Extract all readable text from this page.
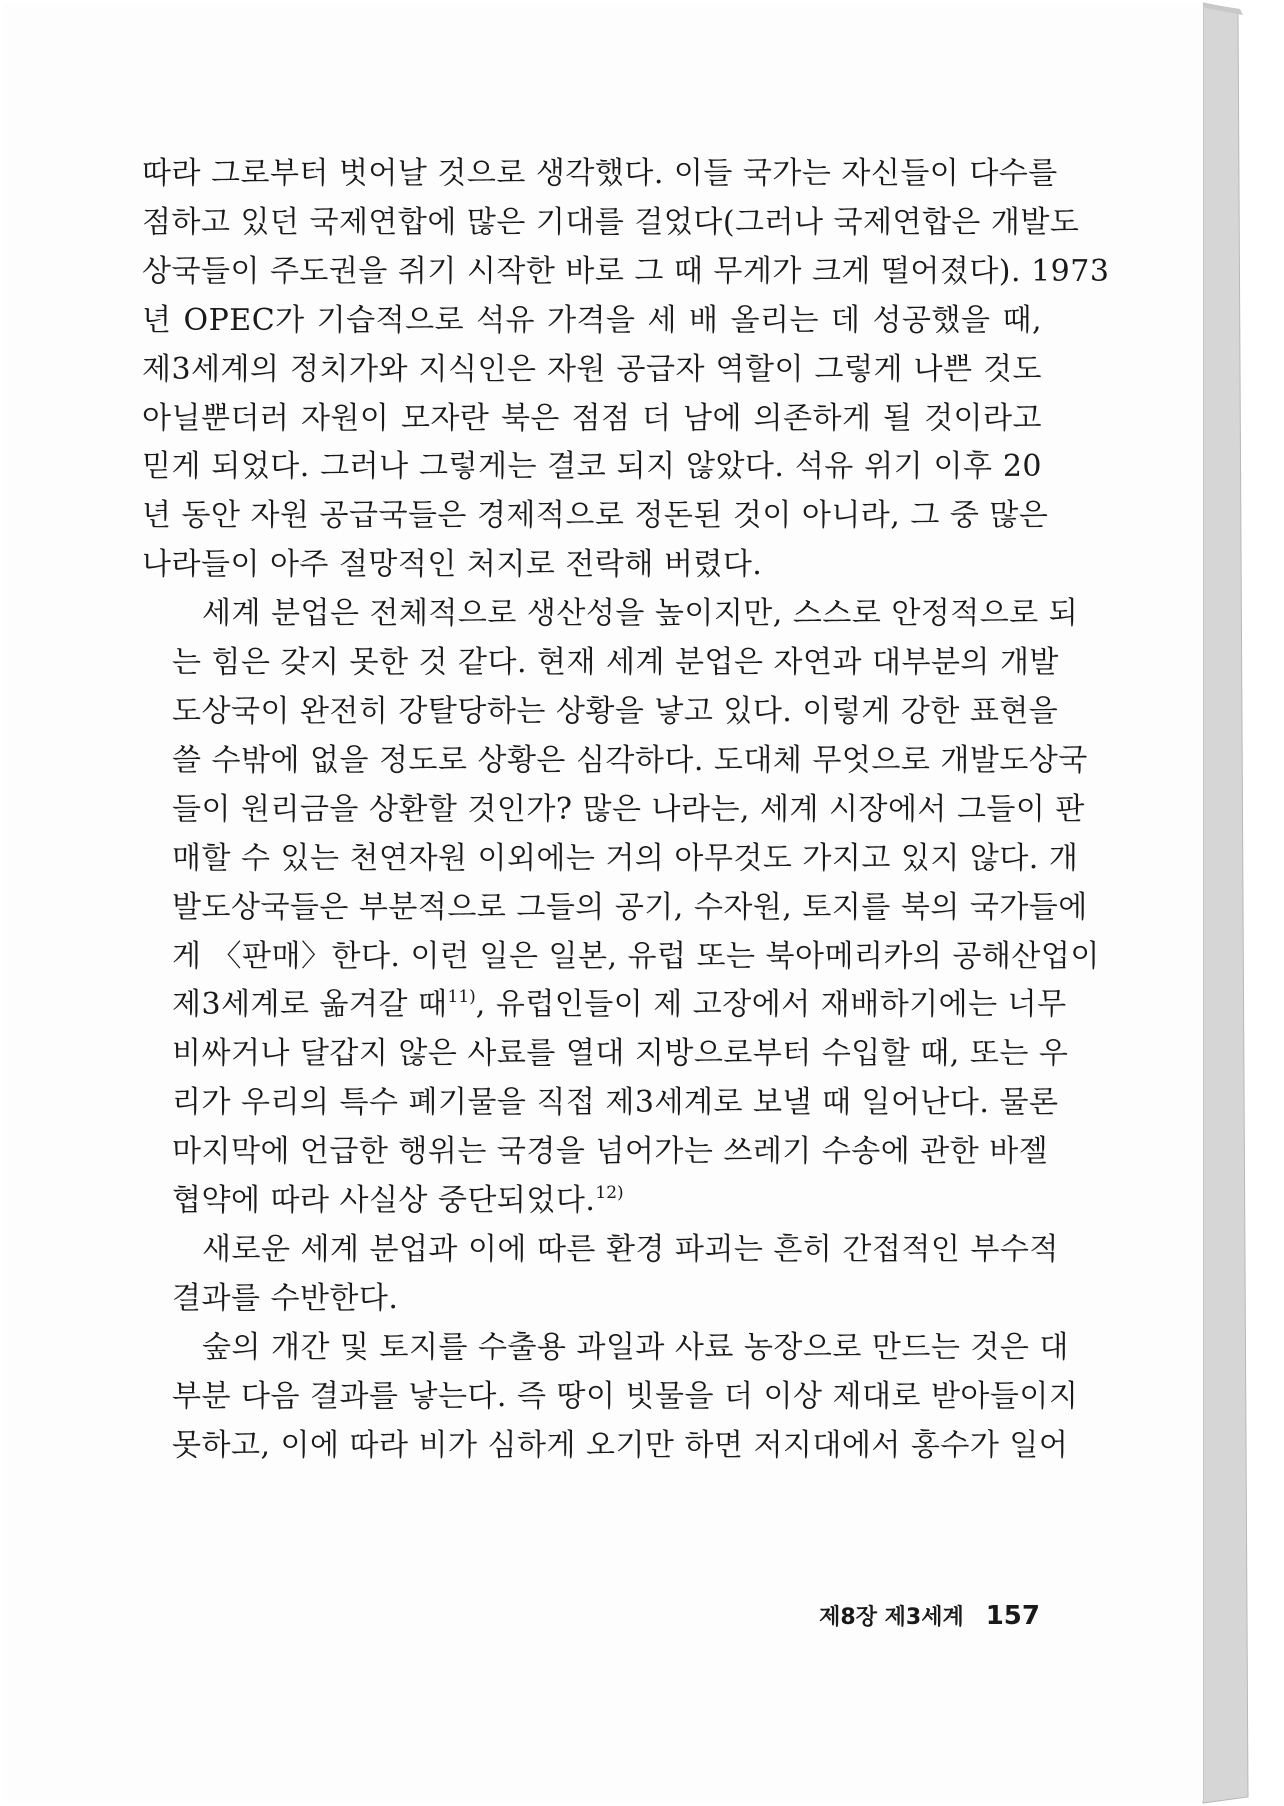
따라 그로부터 벗어날 것으로 생각했다. 이들 국가는 자신들이 다수를
점하고 있던 국제연합에 많은 기대를 걸었다(그러나 국제연합은 개발도
상국들이 주도권을 쥐기 시작한 바로 그 때 무게가 크게 떨어졌다). 1973
년 OPEC가 기습적으로 석유 가격을 세 배 올리는 데 성공했을 때,
제3세계의 정치가와 지식인은 자원 공급자 역할이 그렇게 나쁜 것도
아닐뿐더러 자원이 모자란 북은 점점 더 남에 의존하게 될 것이라고
믿게 되었다. 그러나 그렇게는 결코 되지 않았다. 석유 위기 이후 20
년 동안 자원 공급국들은 경제적으로 정돈된 것이 아니라, 그 중 많은
나라들이 아주 절망적인 처지로 전락해 버렸다.
세계 분업은 전체적으로 생산성을 높이지만, 스스로 안정적으로 되
는 힘은 갖지 못한 것 같다. 현재 세계 분업은 자연과 대부분의 개발
도상국이 완전히 강탈당하는 상황을 낳고 있다. 이렇게 강한 표현을
쓸 수밖에 없을 정도로 상황은 심각하다. 도대체 무엇으로 개발도상국
들이 원리금을 상환할 것인가? 많은 나라는, 세계 시장에서 그들이 판
매할 수 있는 천연자원 이외에는 거의 아무것도 가지고 있지 않다. 개
발도상국들은 부분적으로 그들의 공기, 수자원, 토지를 북의 국가들에
게 〈판매〉한다. 이런 일은 일본, 유럽 또는 북아메리카의 공해산업이
제3세계로 옮겨갈 때$^{11)}$, 유럽인들이 제 고장에서 재배하기에는 너무
비싸거나 달갑지 않은 사료를 열대 지방으로부터 수입할 때, 또는 우
리가 우리의 특수 폐기물을 직접 제3세계로 보낼 때 일어난다. 물론
마지막에 언급한 행위는 국경을 넘어가는 쓰레기 수송에 관한 바젤
협약에 따라 사실상 중단되었다.$^{12)}$
새로운 세계 분업과 이에 따른 환경 파괴는 흔히 간접적인 부수적
결과를 수반한다.
숲의 개간 및 토지를 수출용 과일과 사료 농장으로 만드는 것은 대
부분 다음 결과를 낳는다. 즉 땅이 빗물을 더 이상 제대로 받아들이지
못하고, 이에 따라 비가 심하게 오기만 하면 저지대에서 홍수가 일어
제8장 제3세계 157
